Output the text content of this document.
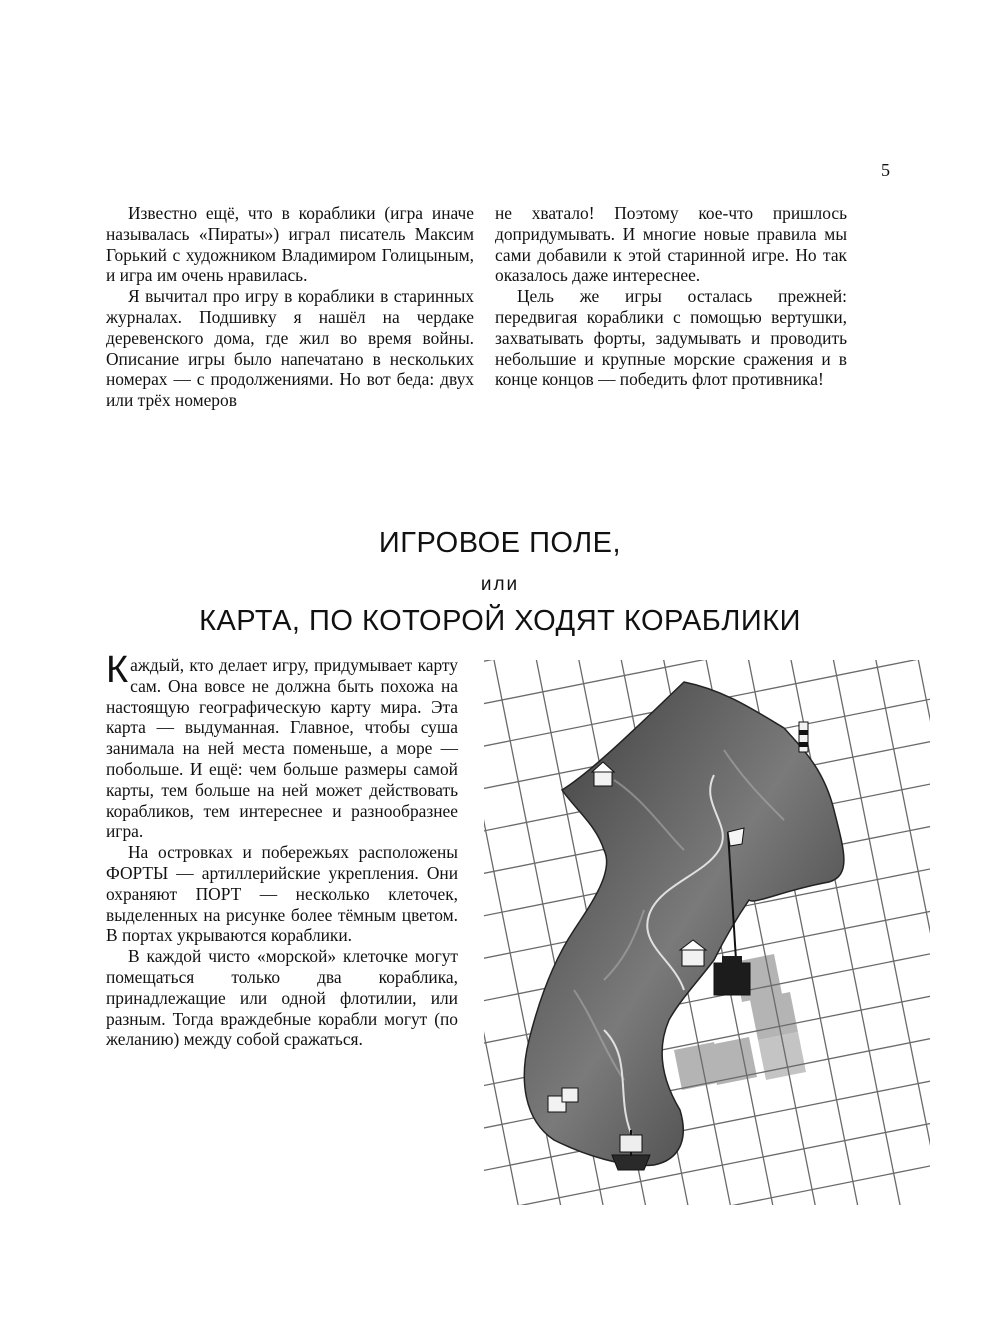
5

Известно ещё, что в кораблики (игра иначе называлась «Пираты») играл писатель Максим Горький с художником Владимиром Голицыным, и игра им очень нравилась.

Я вычитал про игру в кораблики в старинных журналах. Подшивку я нашёл на чердаке деревенского дома, где жил во время войны. Описание игры было напечатано в нескольких номерах — с продолжениями. Но вот беда: двух или трёх номеров

не хватало! Поэтому кое-что пришлось допридумывать. И многие новые правила мы сами добавили к этой старинной игре. Но так оказалось даже интереснее.

Цель же игры осталась прежней: передвигая кораблики с помощью вертушки, захватывать форты, задумывать и проводить небольшие и крупные морские сражения и в конце концов — победить флот противника!

ИГРОВОЕ ПОЛЕ,
или
КАРТА, ПО КОТОРОЙ ХОДЯТ КОРАБЛИКИ

Каждый, кто делает игру, придумывает карту сам. Она вовсе не должна быть похожа на настоящую географическую карту мира. Эта карта — выдуманная. Главное, чтобы суша занимала на ней места поменьше, а море — побольше. И ещё: чем больше размеры самой карты, тем больше на ней может действовать корабликов, тем интереснее и разнообразнее игра.

На островках и побережьях расположены ФОРТЫ — артиллерийские укрепления. Они охраняют ПОРТ — несколько клеточек, выделенных на рисунке более тёмным цветом. В портах укрываются кораблики.

В каждой чисто «морской» клеточке могут помещаться только два кораблика, принадлежащие или одной флотилии, или разным. Тогда враждебные корабли могут (по желанию) между собой сражаться.
